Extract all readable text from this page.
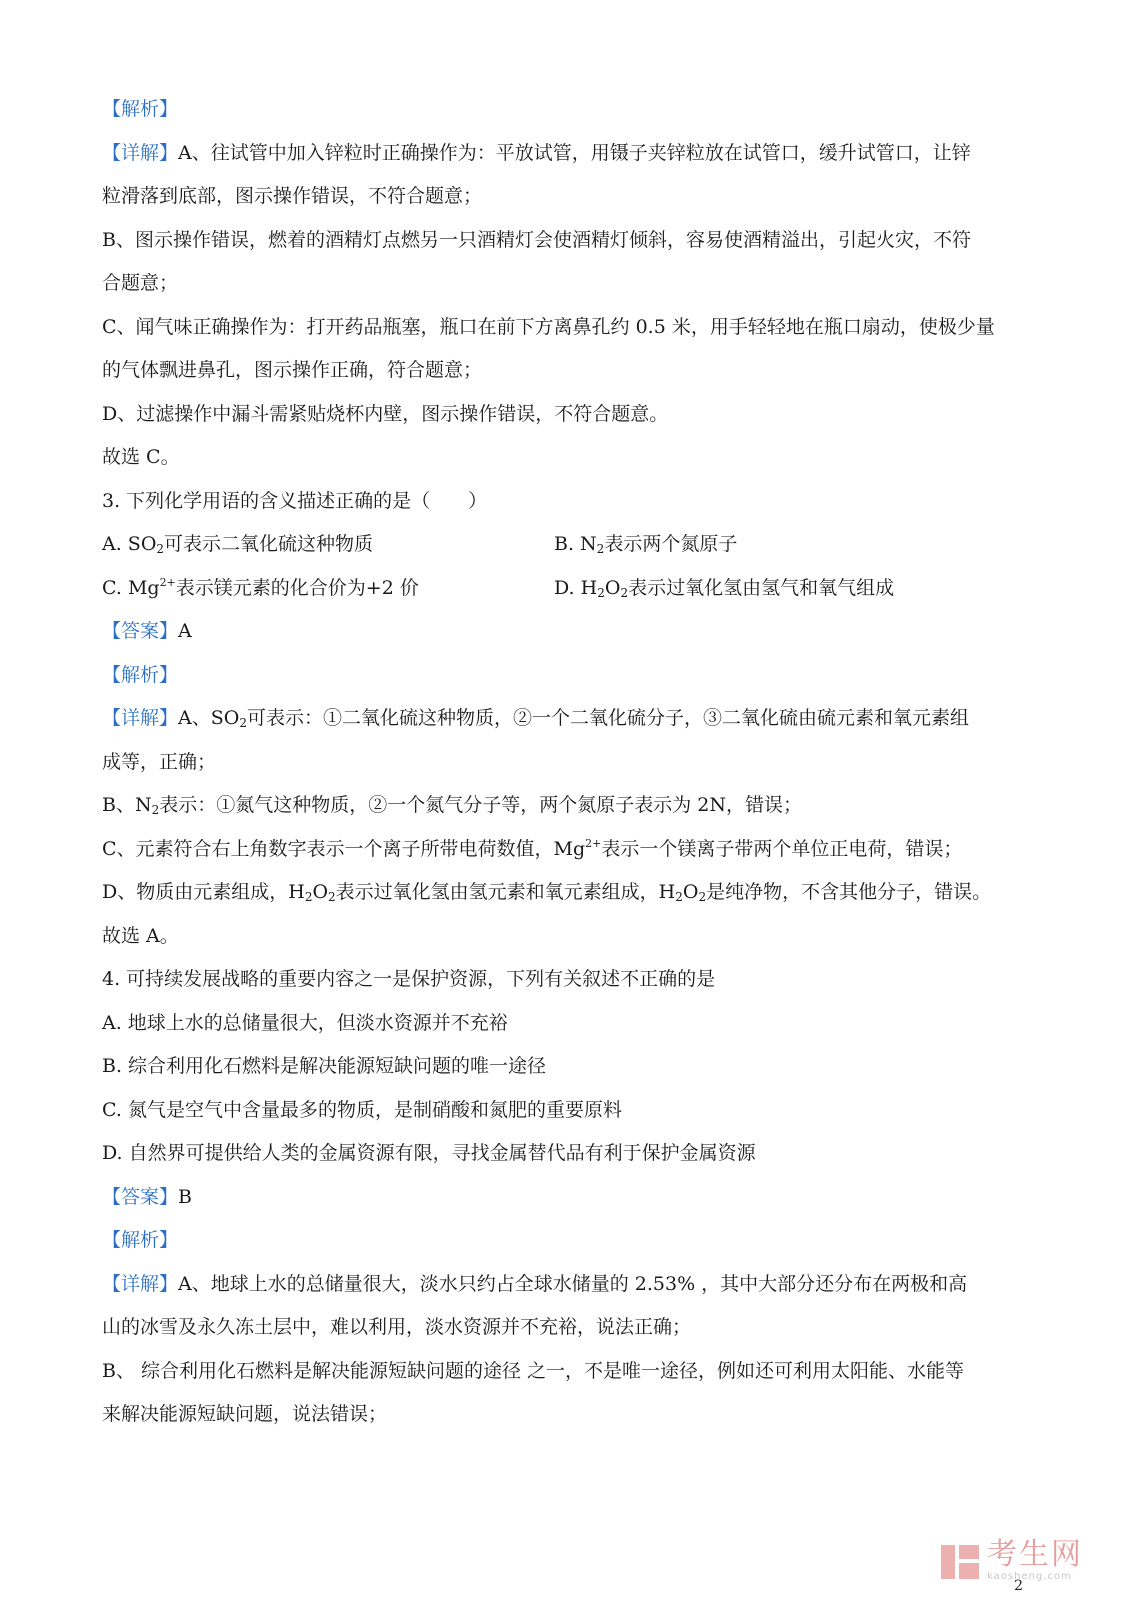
【解析】
【详解】A、往试管中加入锌粒时正确操作为：平放试管，用镊子夹锌粒放在试管口，缓升试管口，让锌
粒滑落到底部，图示操作错误，不符合题意；
B、图示操作错误，燃着的酒精灯点燃另一只酒精灯会使酒精灯倾斜，容易使酒精溢出，引起火灾，不符
合题意；
C、闻气味正确操作为：打开药品瓶塞，瓶口在前下方离鼻孔约 0.5 米，用手轻轻地在瓶口扇动，使极少量
的气体飘进鼻孔，图示操作正确，符合题意；
D、过滤操作中漏斗需紧贴烧杯内壁，图示操作错误，不符合题意。
故选 C。
3. 下列化学用语的含义描述正确的是（　　）
A. $SO_2$可表示二氧化硫这种物质	B. $N_2$表示两个氮原子
C. $Mg^{2+}$表示镁元素的化合价为+2 价	D. $H_2O_2$表示过氧化氢由氢气和氧气组成
【答案】A
【解析】
【详解】A、$SO_2$可表示：①二氧化硫这种物质，②一个二氧化硫分子，③二氧化硫由硫元素和氧元素组
成等，正确；
B、$N_2$表示：①氮气这种物质，②一个氮气分子等，两个氮原子表示为 2N，错误；
C、元素符合右上角数字表示一个离子所带电荷数值，$Mg^{2+}$表示一个镁离子带两个单位正电荷，错误；
D、物质由元素组成，$H_2O_2$表示过氧化氢由氢元素和氧元素组成，$H_2O_2$是纯净物，不含其他分子，错误。
故选 A。
4. 可持续发展战略的重要内容之一是保护资源，下列有关叙述不正确的是
A. 地球上水的总储量很大，但淡水资源并不充裕
B. 综合利用化石燃料是解决能源短缺问题的唯一途径
C. 氮气是空气中含量最多的物质，是制硝酸和氮肥的重要原料
D. 自然界可提供给人类的金属资源有限，寻找金属替代品有利于保护金属资源
【答案】B
【解析】
【详解】A、地球上水的总储量很大，淡水只约占全球水储量的 2.53% ，其中大部分还分布在两极和高
山的冰雪及永久冻土层中，难以利用，淡水资源并不充裕，说法正确；
B、 综合利用化石燃料是解决能源短缺问题的途径 之一，不是唯一途径，例如还可利用太阳能、水能等
来解决能源短缺问题，说法错误；
考生网
kaosheng.com
2
